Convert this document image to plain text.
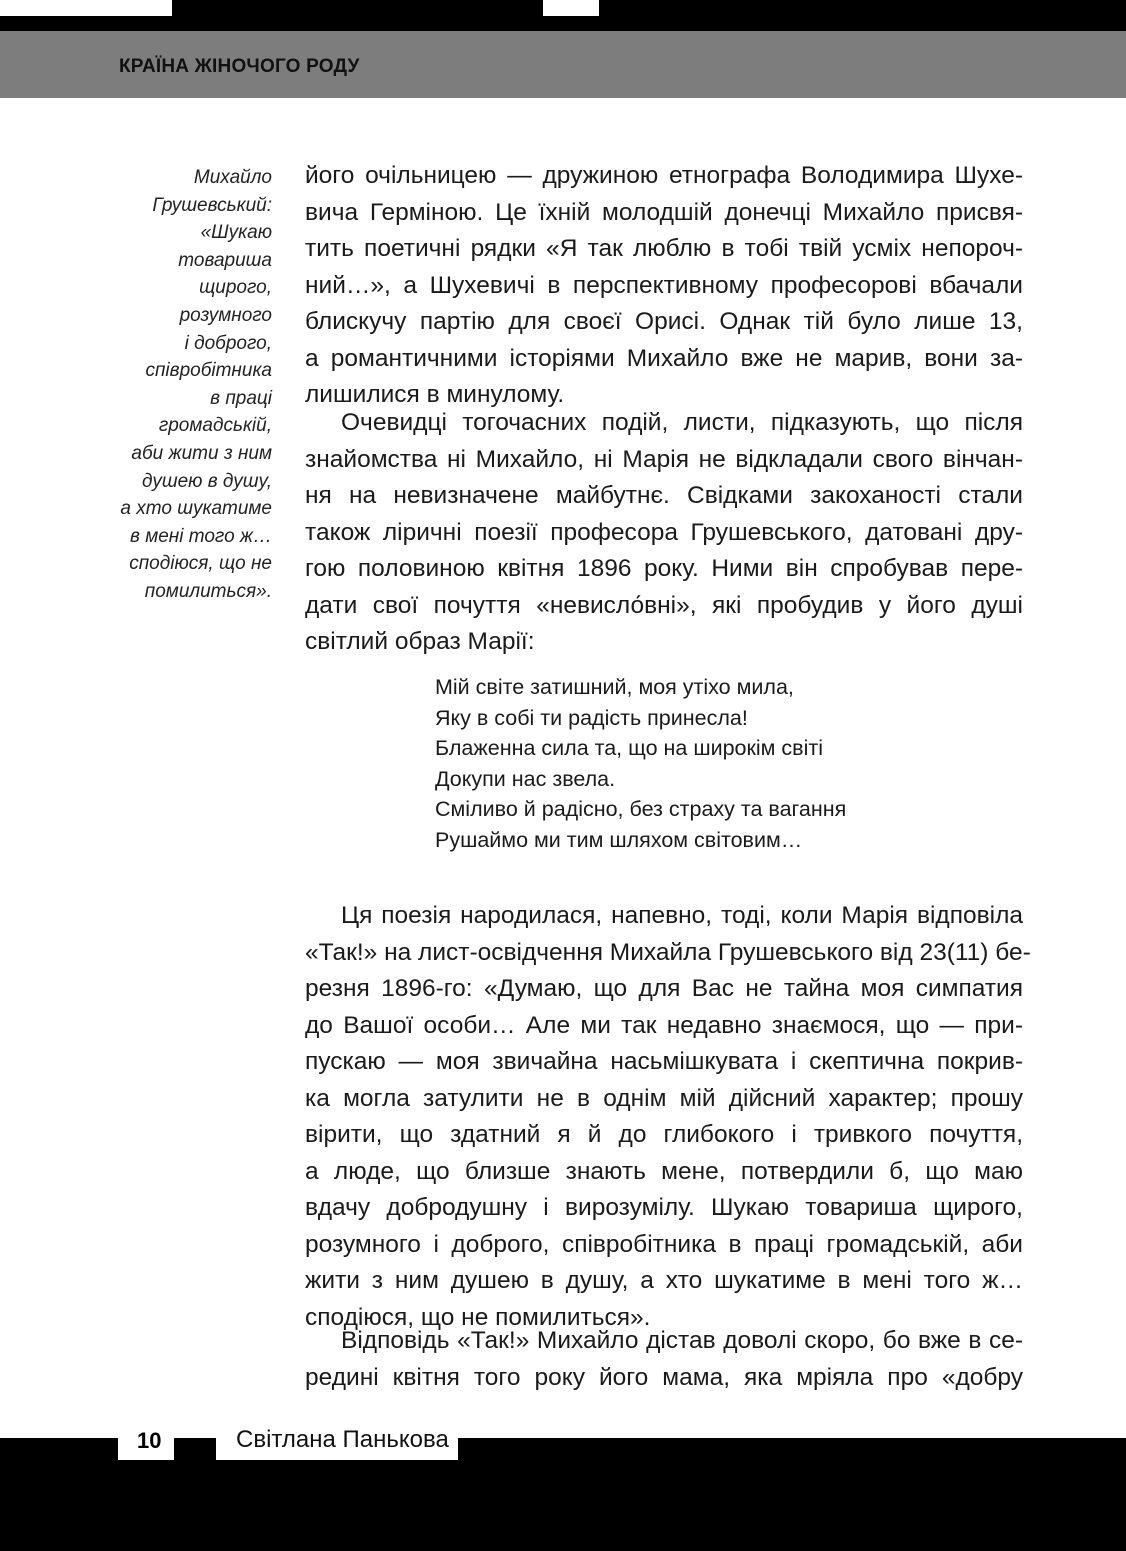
КРАЇНА ЖІНОЧОГО РОДУ
Михайло
Грушевський:
«Шукаю
товариша
щирого,
розумного
і доброго,
співробітника
в праці
громадській,
аби жити з ним
душею в душу,
а хто шукатиме
в мені того ж…
сподіюся, що не
помилиться».
його очільницею — дружиною етнографа Володимира Шухе-
вича Герміною. Це їхній молодшій донечці Михайло присвя-
тить поетичні рядки «Я так люблю в тобі твій усміх непороч-
ний…», а Шухевичі в перспективному професорові вбачали
блискучу партію для своєї Орисі. Однак тій було лише 13,
а романтичними історіями Михайло вже не марив, вони за-
лишилися в минулому.
Очевидці тогочасних подій, листи, підказують, що після
знайомства ні Михайло, ні Марія не відкладали свого вінчан-
ня на невизначене майбутнє. Свідками закоханості стали
також ліричні поезії професора Грушевського, датовані дру-
гою половиною квітня 1896 року. Ними він спробував пере-
дати свої почуття «невисло́вні», які пробудив у його душі
світлий образ Марії:
Мій світе затишний, моя утіхо мила,
Яку в собі ти радість принесла!
Блаженна сила та, що на широкім світі
Докупи нас звела.
Сміливо й радісно, без страху та вагання
Рушаймо ми тим шляхом світовим…
Ця поезія народилася, напевно, тоді, коли Марія відповіла
«Так!» на лист-освідчення Михайла Грушевського від 23(11) бе-
резня 1896-го: «Думаю, що для Вас не тайна моя симпатия
до Вашої особи… Але ми так недавно знаємося, що — при-
пускаю — моя звичайна насьмішкувата і скептична покрив-
ка могла затулити не в однім мій дійсний характер; прошу
вірити, що здатний я й до глибокого і тривкого почуття,
а люде, що близше знають мене, потвердили б, що маю
вдачу добродушну і вирозумілу. Шукаю товариша щирого,
розумного і доброго, співробітника в праці громадській, аби
жити з ним душею в душу, а хто шукатиме в мені того ж…
сподіюся, що не помилиться».
Відповідь «Так!» Михайло дістав доволі скоро, бо вже в се-
редині квітня того року його мама, яка мріяла про «добру
10	Світлана Панькова
